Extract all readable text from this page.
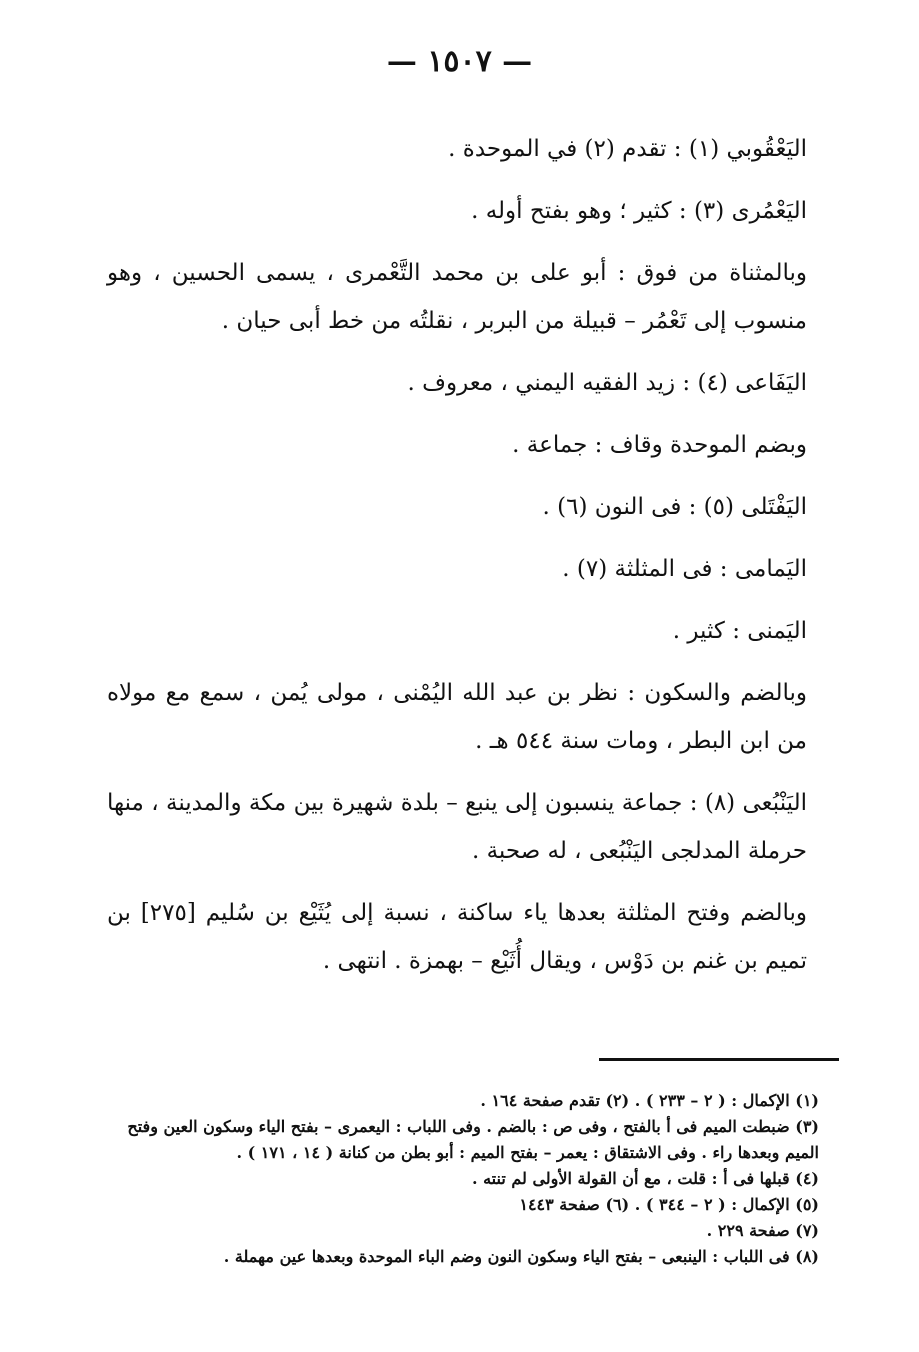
— ١٥٠٧ —

اليَعْقُوبي (١) : تقدم (٢) في الموحدة .

اليَعْمُرى (٣) : كثير ؛ وهو بفتح أوله .

وبالمثناة من فوق : أبو على بن محمد التَّعْمرى ، يسمى الحسين ، وهو منسوب إلى تَعْمُر – قبيلة من البربر ، نقلتُه من خط أبى حيان .

اليَفَاعى (٤) : زيد الفقيه اليمني ، معروف .

وبضم الموحدة وقاف : جماعة .

اليَفْتَلى (٥) : فى النون (٦) .

اليَمامى : فى المثلثة (٧) .

اليَمنى : كثير .

وبالضم والسكون : نظر بن عبد الله اليُمْنى ، مولى يُمن ، سمع مع مولاه من ابن البطر ، ومات سنة ٥٤٤ هـ .

اليَنْبُعى (٨) : جماعة ينسبون إلى ينبع – بلدة شهيرة بين مكة والمدينة ، منها حرملة المدلجى اليَنْبُعى ، له صحبة .

وبالضم وفتح المثلثة بعدها ياء ساكنة ، نسبة إلى يُثَيْع بن سُليم [٢٧٥] بن تميم بن غنم بن دَوْس ، ويقال أُثَيْع – بهمزة . انتهى .

(١) الإكمال : ( ٢ – ٢٣٣ ) . (٢) تقدم صفحة ١٦٤ .

(٣) ضبطت الميم فى أ بالفتح ، وفى ص : بالضم . وفى اللباب : اليعمرى – بفتح الياء وسكون العين وفتح الميم وبعدها راء . وفى الاشتقاق : يعمر – بفتح الميم : أبو بطن من كنانة ( ١٤ ، ١٧١ ) .

(٤) قبلها فى أ : قلت ، مع أن القولة الأولى لم تنته .

(٥) الإكمال : ( ٢ – ٣٤٤ ) . (٦) صفحة ١٤٤٣

(٧) صفحة ٢٢٩ .

(٨) فى اللباب : الينبعى – بفتح الياء وسكون النون وضم الباء الموحدة وبعدها عين مهملة .
